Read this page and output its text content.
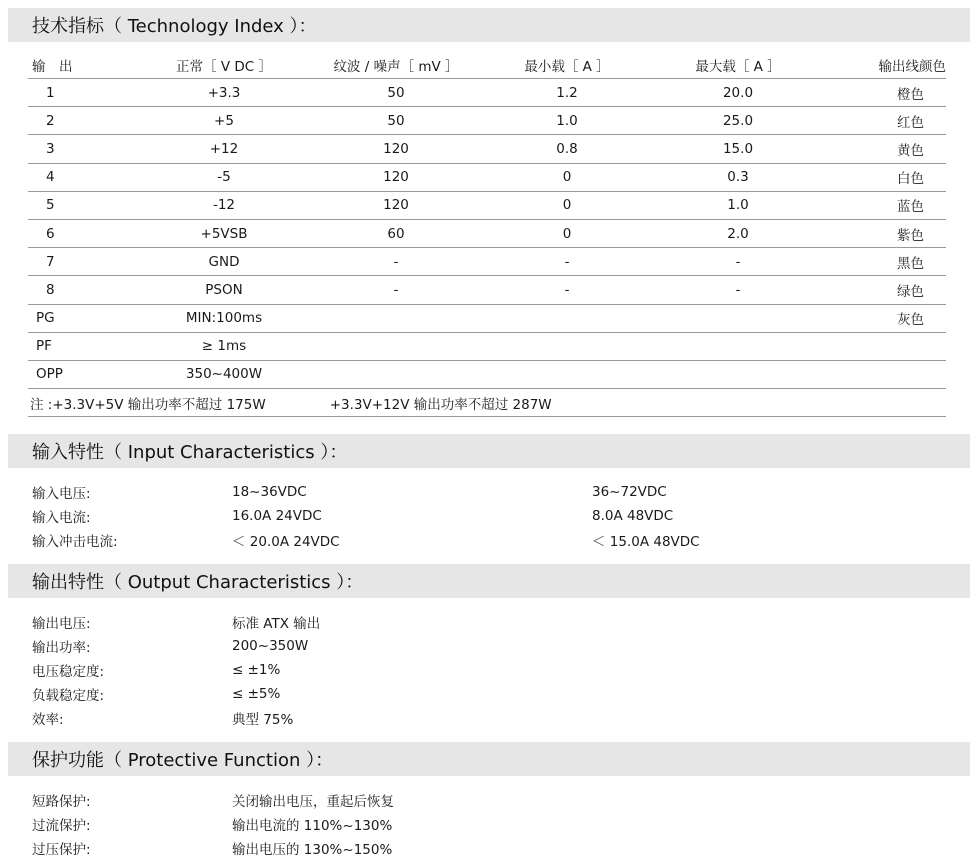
技术指标（ Technology Index ）：
输　出	正常［ V DC ］	纹波 / 噪声［ mV ］	最小载［ A ］	最大载［ A ］	输出线颜色
1	+3.3	50	1.2	20.0	橙色
2	+5	50	1.0	25.0	红色
3	+12	120	0.8	15.0	黄色
4	-5	120	0	0.3	白色
5	-12	120	0	1.0	蓝色
6	+5VSB	60	0	2.0	紫色
7	GND	-	-	-	黑色
8	PSON	-	-	-	绿色
PG	MIN:100ms				灰色
PF	≥ 1ms				
OPP	350~400W				
注 :+3.3V+5V 输出功率不超过 175W +3.3V+12V 输出功率不超过 287W					
输入特性（ Input Characteristics ）：
输入电压:	18~36VDC	36~72VDC
输入电流:	16.0A 24VDC	8.0A 48VDC
输入冲击电流:	＜ 20.0A 24VDC	＜ 15.0A 48VDC
输出特性（ Output Characteristics ）：
输出电压:	标准 ATX 输出
输出功率:	200~350W
电压稳定度:	≤ ±1%
负载稳定度:	≤ ±5%
效率:	典型 75%
保护功能（ Protective Function ）：
短路保护:	关闭输出电压，重起后恢复
过流保护:	输出电流的 110%~130%
过压保护:	输出电压的 130%~150%
